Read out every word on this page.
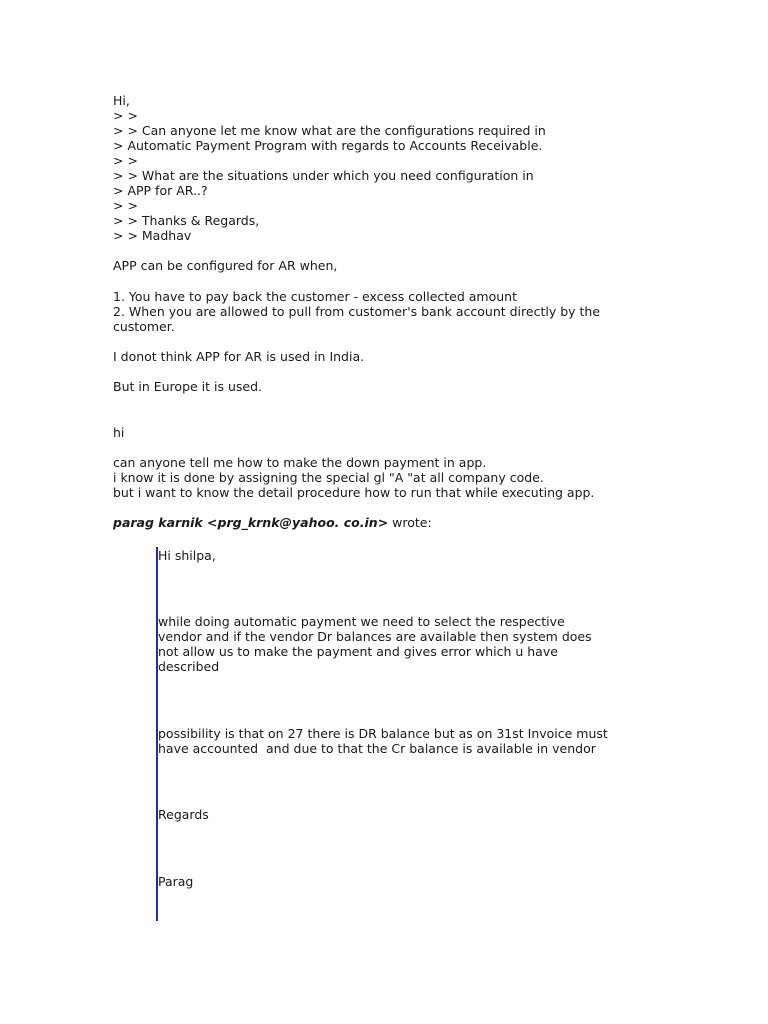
Hi,
> >
> > Can anyone let me know what are the configurations required in
> Automatic Payment Program with regards to Accounts Receivable.
> >
> > What are the situations under which you need configuration in
> APP for AR..?
> >
> > Thanks & Regards,
> > Madhav
APP can be configured for AR when,
1. You have to pay back the customer - excess collected amount
2. When you are allowed to pull from customer's bank account directly by the
customer.
I donot think APP for AR is used in India.
But in Europe it is used.
hi
can anyone tell me how to make the down payment in app.
i know it is done by assigning the special gl "A "at all company code.
but i want to know the detail procedure how to run that while executing app.
parag karnik <prg_krnk@yahoo. co.in> wrote:
Hi shilpa,
while doing automatic payment we need to select the respective
vendor and if the vendor Dr balances are available then system does
not allow us to make the payment and gives error which u have
described
possibility is that on 27 there is DR balance but as on 31st Invoice must
have accounted  and due to that the Cr balance is available in vendor
Regards
Parag
